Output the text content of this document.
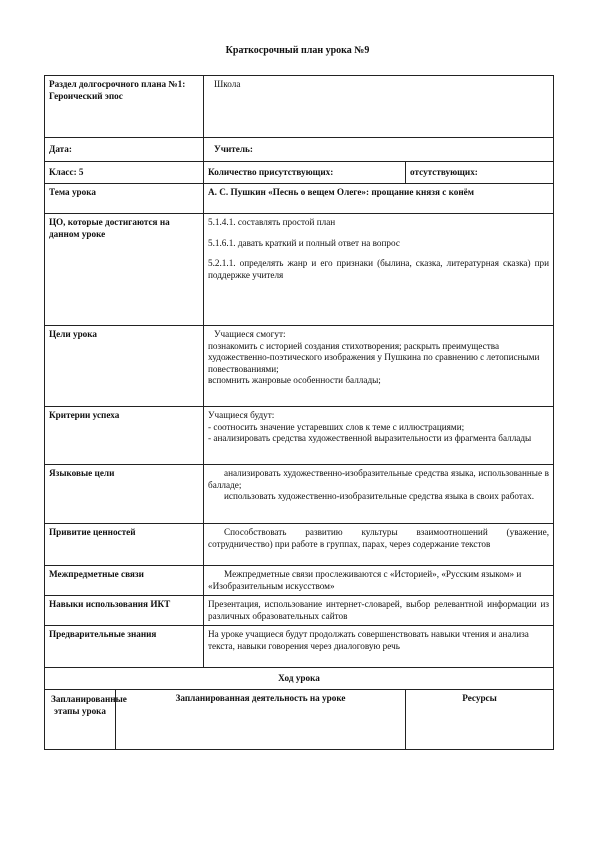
Краткосрочный план урока №9
Раздел долгосрочного плана №1: Героический эпос		Школа	
Дата:		Учитель:	
Класс: 5		Количество присутствующих:	отсутствующих:
Тема урока		А. С. Пушкин «Песнь о вещем Олеге»: прощание князя с конём	
ЦО, которые достигаются на данном уроке		5.1.4.1. составлять простой план

5.1.6.1. давать краткий и полный ответ на вопрос

5.2.1.1. определять жанр и его признаки (былина, сказка, литературная сказка) при поддержке учителя	

Цели урока		Учащиеся смогут:

познакомить с историей создания стихотворения; раскрыть преимущества художественно-поэтического изображения у Пушкина по сравнению с летописными повествованиями;

вспомнить жанровые особенности баллады;	

Критерии успеха		Учащиеся будут:

- соотносить значение устаревших слов к теме с иллюстрациями;

- анализировать средства художественной выразительности из фрагмента баллады	

Языковые цели		анализировать художественно-изобразительные средства языка, использованные в балладе;

использовать художественно-изобразительные средства языка в своих работах.	

Привитие ценностей		Способствовать развитию культуры взаимоотношений (уважение, сотрудничество) при работе в группах, парах, через содержание текстов	

Межпредметные связи		Межпредметные связи прослеживаются с «Историей», «Русским языком» и «Изобразительным искусством»	

Навыки использования ИКТ		Презентация, использование интернет-словарей, выбор релевантной информации из различных образовательных сайтов	
Предварительные знания		На уроке учащиеся будут продолжать совершенствовать навыки чтения и анализа текста, навыки говорения через диалоговую речь	
Ход урока			
Запланированные этапы урока	Запланированная деятельность на уроке		Ресурсы
